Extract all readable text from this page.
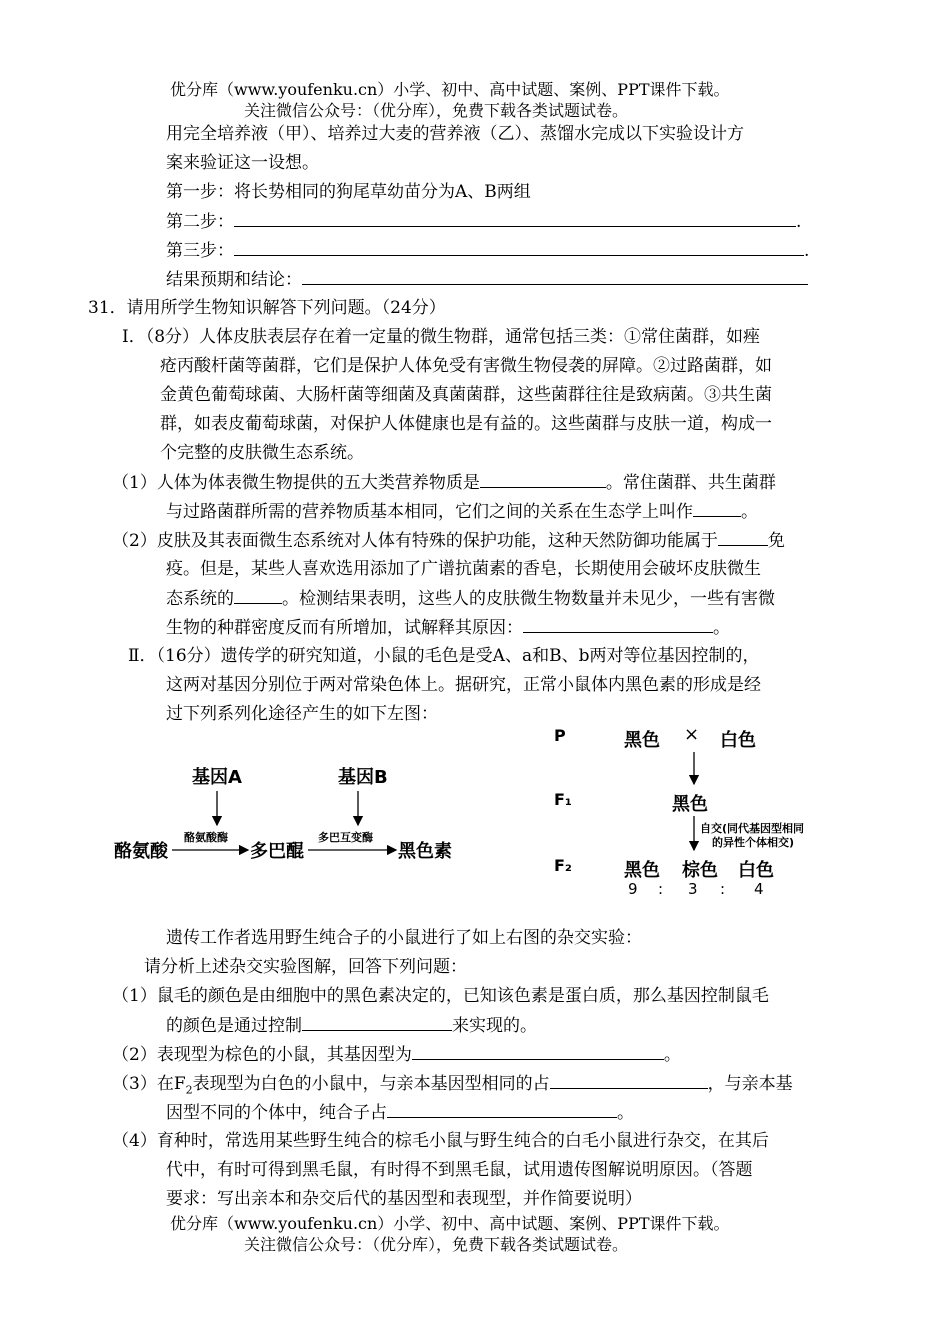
优分库（www.youfenku.cn）小学、初中、高中试题、案例、PPT课件下载。
关注微信公众号：（优分库），免费下载各类试题试卷。
用完全培养液（甲）、培养过大麦的营养液（乙）、蒸馏水完成以下实验设计方
案来验证这一设想。
第一步：将长势相同的狗尾草幼苗分为A、B两组
第二步：	.
第三步：	.
结果预期和结论：
31．请用所学生物知识解答下列问题。（24分）
I．（8分）人体皮肤表层存在着一定量的微生物群，通常包括三类：①常住菌群，如痤
疮丙酸杆菌等菌群，它们是保护人体免受有害微生物侵袭的屏障。②过路菌群，如
金黄色葡萄球菌、大肠杆菌等细菌及真菌菌群，这些菌群往往是致病菌。③共生菌
群，如表皮葡萄球菌，对保护人体健康也是有益的。这些菌群与皮肤一道，构成一
个完整的皮肤微生态系统。
（1）人体为体表微生物提供的五大类营养物质是	。常住菌群、共生菌群
与过路菌群所需的营养物质基本相同，它们之间的关系在生态学上叫作	。
（2）皮肤及其表面微生态系统对人体有特殊的保护功能，这种天然防御功能属于	免
疫。但是，某些人喜欢选用添加了广谱抗菌素的香皂，长期使用会破坏皮肤微生
态系统的	。检测结果表明，这些人的皮肤微生物数量并未见少，一些有害微
生物的种群密度反而有所增加，试解释其原因：	。
Ⅱ．（16分）遗传学的研究知道，小鼠的毛色是受A、a和B、b两对等位基因控制的，
这两对基因分别位于两对常染色体上。据研究，正常小鼠体内黑色素的形成是经
过下列系列化途径产生的如下左图：
基因A	基因B
酪氨酸
酪氨酸酶
多巴醌
多巴互变酶
黑色素
P	黑色 × 白色
F₁	黑色
自交(同代基因型相同
的异性个体相交)
F₂	黑色 棕色 白色
9 : 3 : 4
遗传工作者选用野生纯合子的小鼠进行了如上右图的杂交实验：
请分析上述杂交实验图解，回答下列问题：
（1）鼠毛的颜色是由细胞中的黑色素决定的，已知该色素是蛋白质，那么基因控制鼠毛
的颜色是通过控制	来实现的。
（2）表现型为棕色的小鼠，其基因型为	。
（3）在$F_2$表现型为白色的小鼠中，与亲本基因型相同的占	，与亲本基
因型不同的个体中，纯合子占	。
（4）育种时，常选用某些野生纯合的棕毛小鼠与野生纯合的白毛小鼠进行杂交，在其后
代中，有时可得到黑毛鼠，有时得不到黑毛鼠，试用遗传图解说明原因。（答题
要求：写出亲本和杂交后代的基因型和表现型，并作简要说明）
优分库（www.youfenku.cn）小学、初中、高中试题、案例、PPT课件下载。
关注微信公众号：（优分库），免费下载各类试题试卷。
